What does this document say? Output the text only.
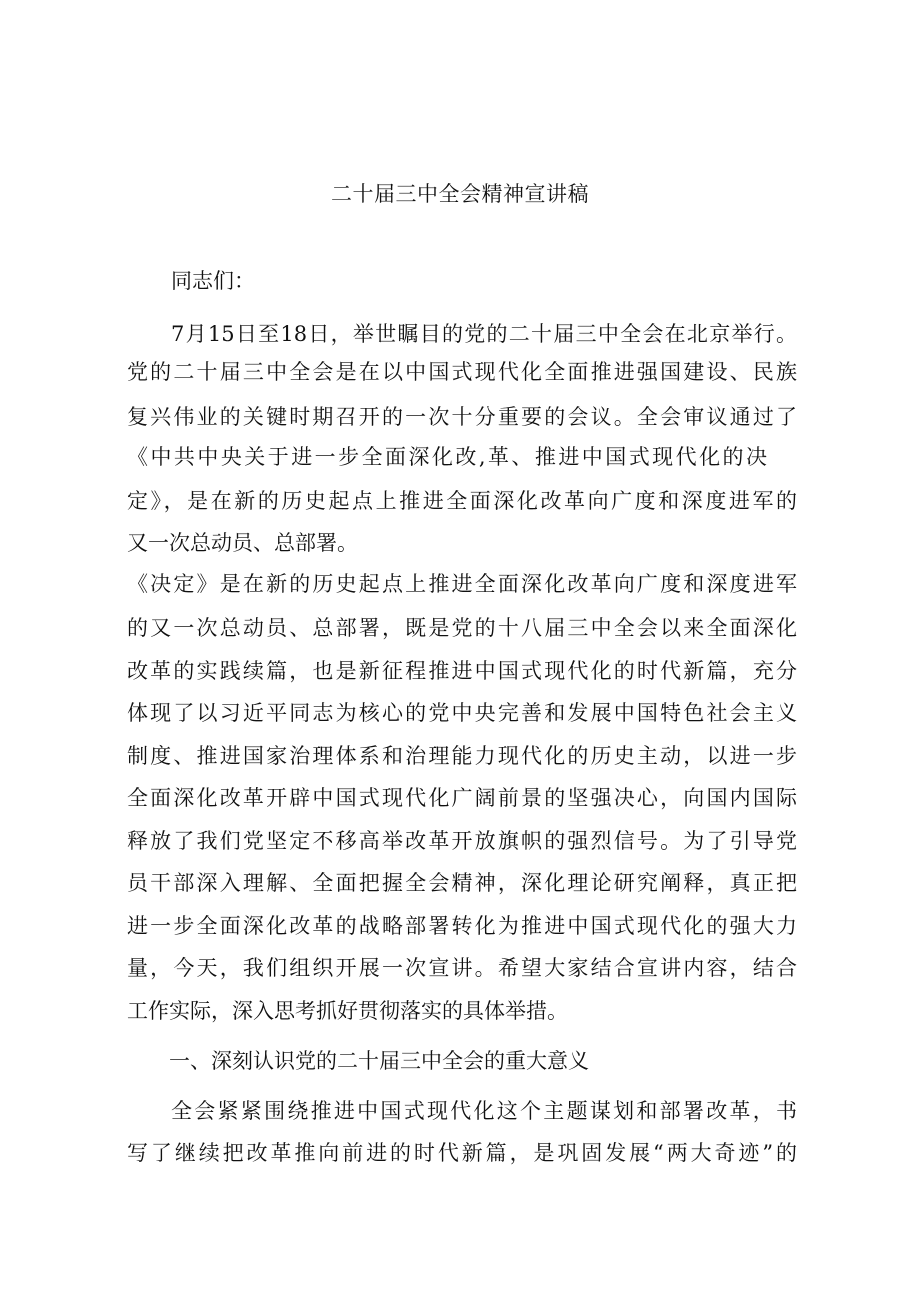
二十届三中全会精神宣讲稿
同志们：
7月15日至18日，举世瞩目的党的二十届三中全会在北京举行。
党的二十届三中全会是在以中国式现代化全面推进强国建设、民族
复兴伟业的关键时期召开的一次十分重要的会议。全会审议通过了
《中共中央关于进一步全面深化改,革、推进中国式现代化的决
定》，是在新的历史起点上推进全面深化改革向广度和深度进军的
又一次总动员、总部署。
《决定》是在新的历史起点上推进全面深化改革向广度和深度进军
的又一次总动员、总部署，既是党的十八届三中全会以来全面深化
改革的实践续篇，也是新征程推进中国式现代化的时代新篇，充分
体现了以习近平同志为核心的党中央完善和发展中国特色社会主义
制度、推进国家治理体系和治理能力现代化的历史主动，以进一步
全面深化改革开辟中国式现代化广阔前景的坚强决心，向国内国际
释放了我们党坚定不移高举改革开放旗帜的强烈信号。为了引导党
员干部深入理解、全面把握全会精神，深化理论研究阐释，真正把
进一步全面深化改革的战略部署转化为推进中国式现代化的强大力
量，今天，我们组织开展一次宣讲。希望大家结合宣讲内容，结合
工作实际，深入思考抓好贯彻落实的具体举措。
一、深刻认识党的二十届三中全会的重大意义
全会紧紧围绕推进中国式现代化这个主题谋划和部署改革，书
写了继续把改革推向前进的时代新篇，是巩固发展“两大奇迹”的
